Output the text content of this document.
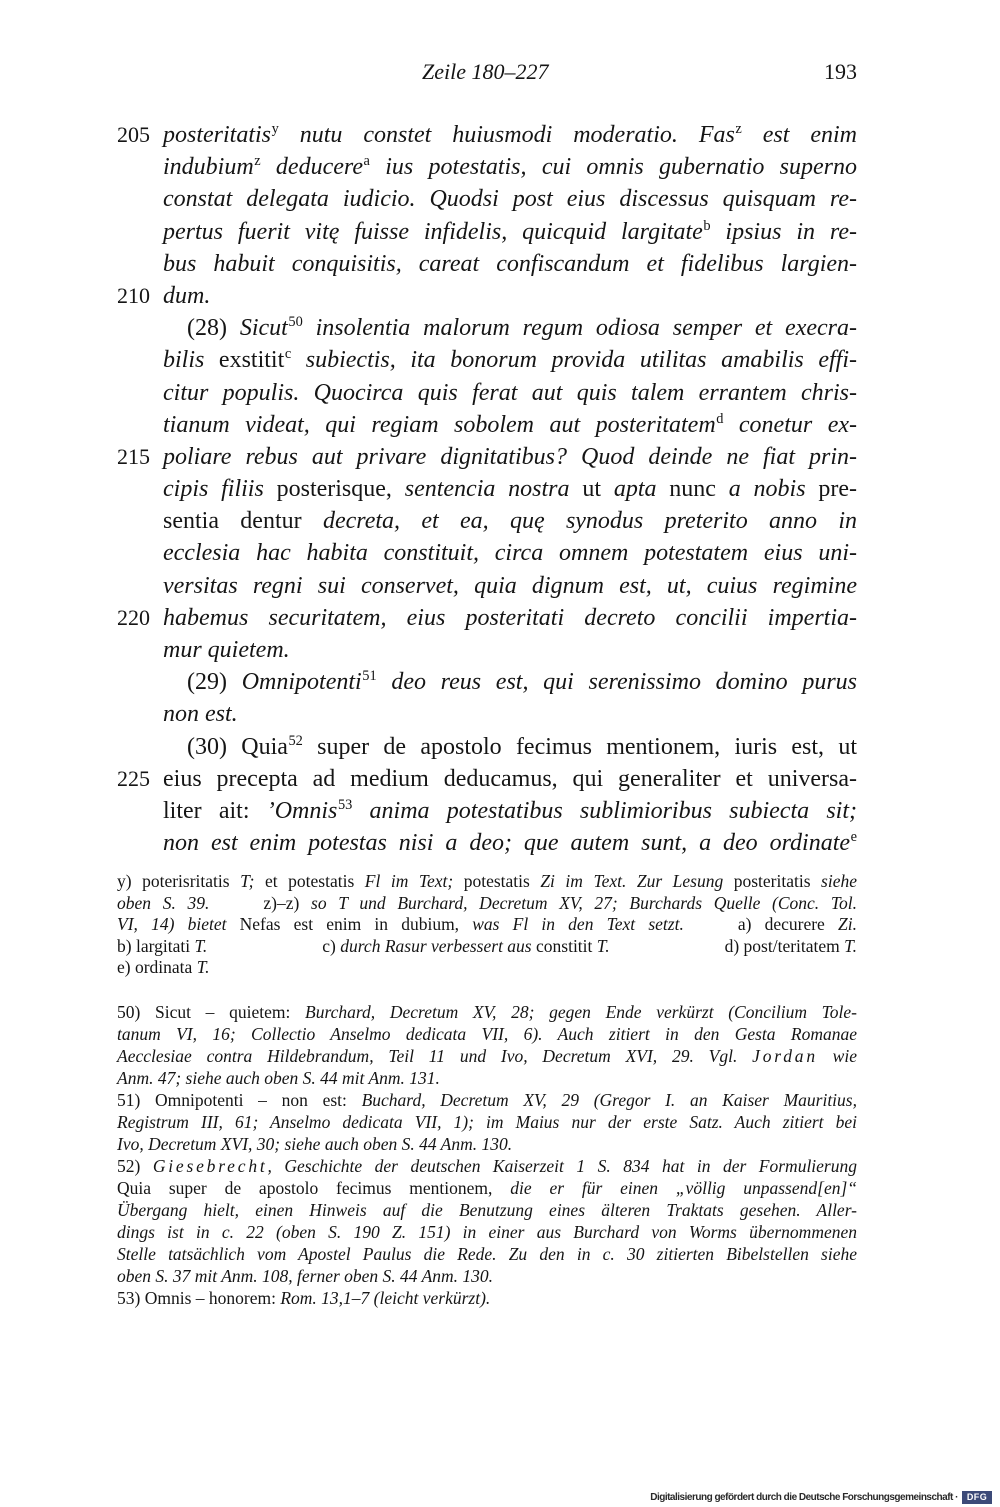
Zeile 180–227	193
205 posteritatis$^y$ nutu constet huiusmodi moderatio. Fas$^z$ est enim
indubium$^z$ deducere$^a$ ius potestatis, cui omnis gubernatio superno
constat delegata iudicio. Quodsi post eius discessus quisquam re-
pertus fuerit vitę fuisse infidelis, quicquid largitate$^b$ ipsius in re-
bus habuit conquisitis, careat confiscandum et fidelibus largien-
210 dum.
(28) Sicut$^{50}$ insolentia malorum regum odiosa semper et execra-
bilis exstitit$^c$ subiectis, ita bonorum provida utilitas amabilis effi-
citur populis. Quocirca quis ferat aut quis talem errantem chris-
tianum videat, qui regiam sobolem aut posteritatem$^d$ conetur ex-
215 poliare rebus aut privare dignitatibus? Quod deinde ne fiat prin-
cipis filiis posterisque, sentencia nostra ut apta nunc a nobis pre-
sentia dentur decreta, et ea, quę synodus preterito anno in
ecclesia hac habita constituit, circa omnem potestatem eius uni-
versitas regni sui conservet, quia dignum est, ut, cuius regimine
220 habemus securitatem, eius posteritati decreto concilii impertia-
mur quietem.
(29) Omnipotenti$^{51}$ deo reus est, qui serenissimo domino purus
non est.
(30) Quia$^{52}$ super de apostolo fecimus mentionem, iuris est, ut
225 eius precepta ad medium deducamus, qui generaliter et universa-
liter ait: ’Omnis$^{53}$ anima potestatibus sublimioribus subiecta sit;
non est enim potestas nisi a deo; que autem sunt, a deo ordinate$^e$
y) poterisritatis T; et potestatis Fl im Text; potestatis Zi im Text. Zur Lesung posteritatis siehe
oben S. 39.	z)–z) so T und Burchard, Decretum XV, 27; Burchards Quelle (Conc. Tol.
VI, 14) bietet Nefas est enim in dubium, was Fl in den Text setzt.	a) decurere Zi.
b) largitati T.	c) durch Rasur verbessert aus constitit T.	d) post/teritatem T.
e) ordinata T.
50) Sicut – quietem: Burchard, Decretum XV, 28; gegen Ende verkürzt (Concilium Tole-
tanum VI, 16; Collectio Anselmo dedicata VII, 6). Auch zitiert in den Gesta Romanae
Aecclesiae contra Hildebrandum, Teil 11 und Ivo, Decretum XVI, 29. Vgl. Jordan wie
Anm. 47; siehe auch oben S. 44 mit Anm. 131.
51) Omnipotenti – non est: Buchard, Decretum XV, 29 (Gregor I. an Kaiser Mauritius,
Registrum III, 61; Anselmo dedicata VII, 1); im Maius nur der erste Satz. Auch zitiert bei
Ivo, Decretum XVI, 30; siehe auch oben S. 44 Anm. 130.
52) Giesebrecht, Geschichte der deutschen Kaiserzeit 1 S. 834 hat in der Formulierung
Quia super de apostolo fecimus mentionem, die er für einen „völlig unpassend[en]“
Übergang hielt, einen Hinweis auf die Benutzung eines älteren Traktats gesehen. Aller-
dings ist in c. 22 (oben S. 190 Z. 151) in einer aus Burchard von Worms übernommenen
Stelle tatsächlich vom Apostel Paulus die Rede. Zu den in c. 30 zitierten Bibelstellen siehe
oben S. 37 mit Anm. 108, ferner oben S. 44 Anm. 130.
53) Omnis – honorem: Rom. 13,1–7 (leicht verkürzt).
Digitalisierung gefördert durch die Deutsche Forschungsgemeinschaft · DFG
